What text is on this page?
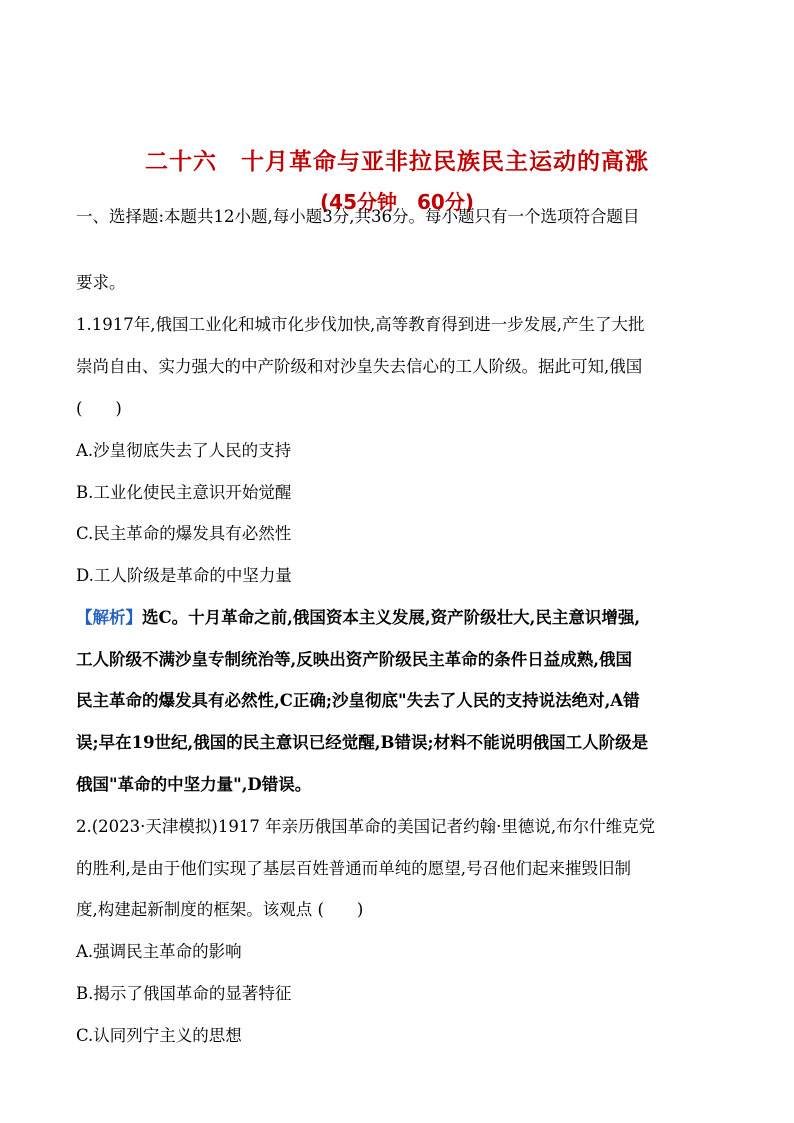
二十六　十月革命与亚非拉民族民主运动的高涨
(45分钟　60分)
一、选择题:本题共12小题,每小题3分,共36分。每小题只有一个选项符合题目
要求。
1.1917年,俄国工业化和城市化步伐加快,高等教育得到进一步发展,产生了大批
崇尚自由、实力强大的中产阶级和对沙皇失去信心的工人阶级。据此可知,俄国
(　　)
A.沙皇彻底失去了人民的支持
B.工业化使民主意识开始觉醒
C.民主革命的爆发具有必然性
D.工人阶级是革命的中坚力量
【解析】选C。十月革命之前,俄国资本主义发展,资产阶级壮大,民主意识增强,
工人阶级不满沙皇专制统治等,反映出资产阶级民主革命的条件日益成熟,俄国
民主革命的爆发具有必然性,C正确;沙皇彻底"失去了人民的支持说法绝对,A错
误;早在19世纪,俄国的民主意识已经觉醒,B错误;材料不能说明俄国工人阶级是
俄国"革命的中坚力量",D错误。
2.(2023·天津模拟)1917 年亲历俄国革命的美国记者约翰·里德说,布尔什维克党
的胜利,是由于他们实现了基层百姓普通而单纯的愿望,号召他们起来摧毁旧制
度,构建起新制度的框架。该观点 (　　)
A.强调民主革命的影响
B.揭示了俄国革命的显著特征
C.认同列宁主义的思想
